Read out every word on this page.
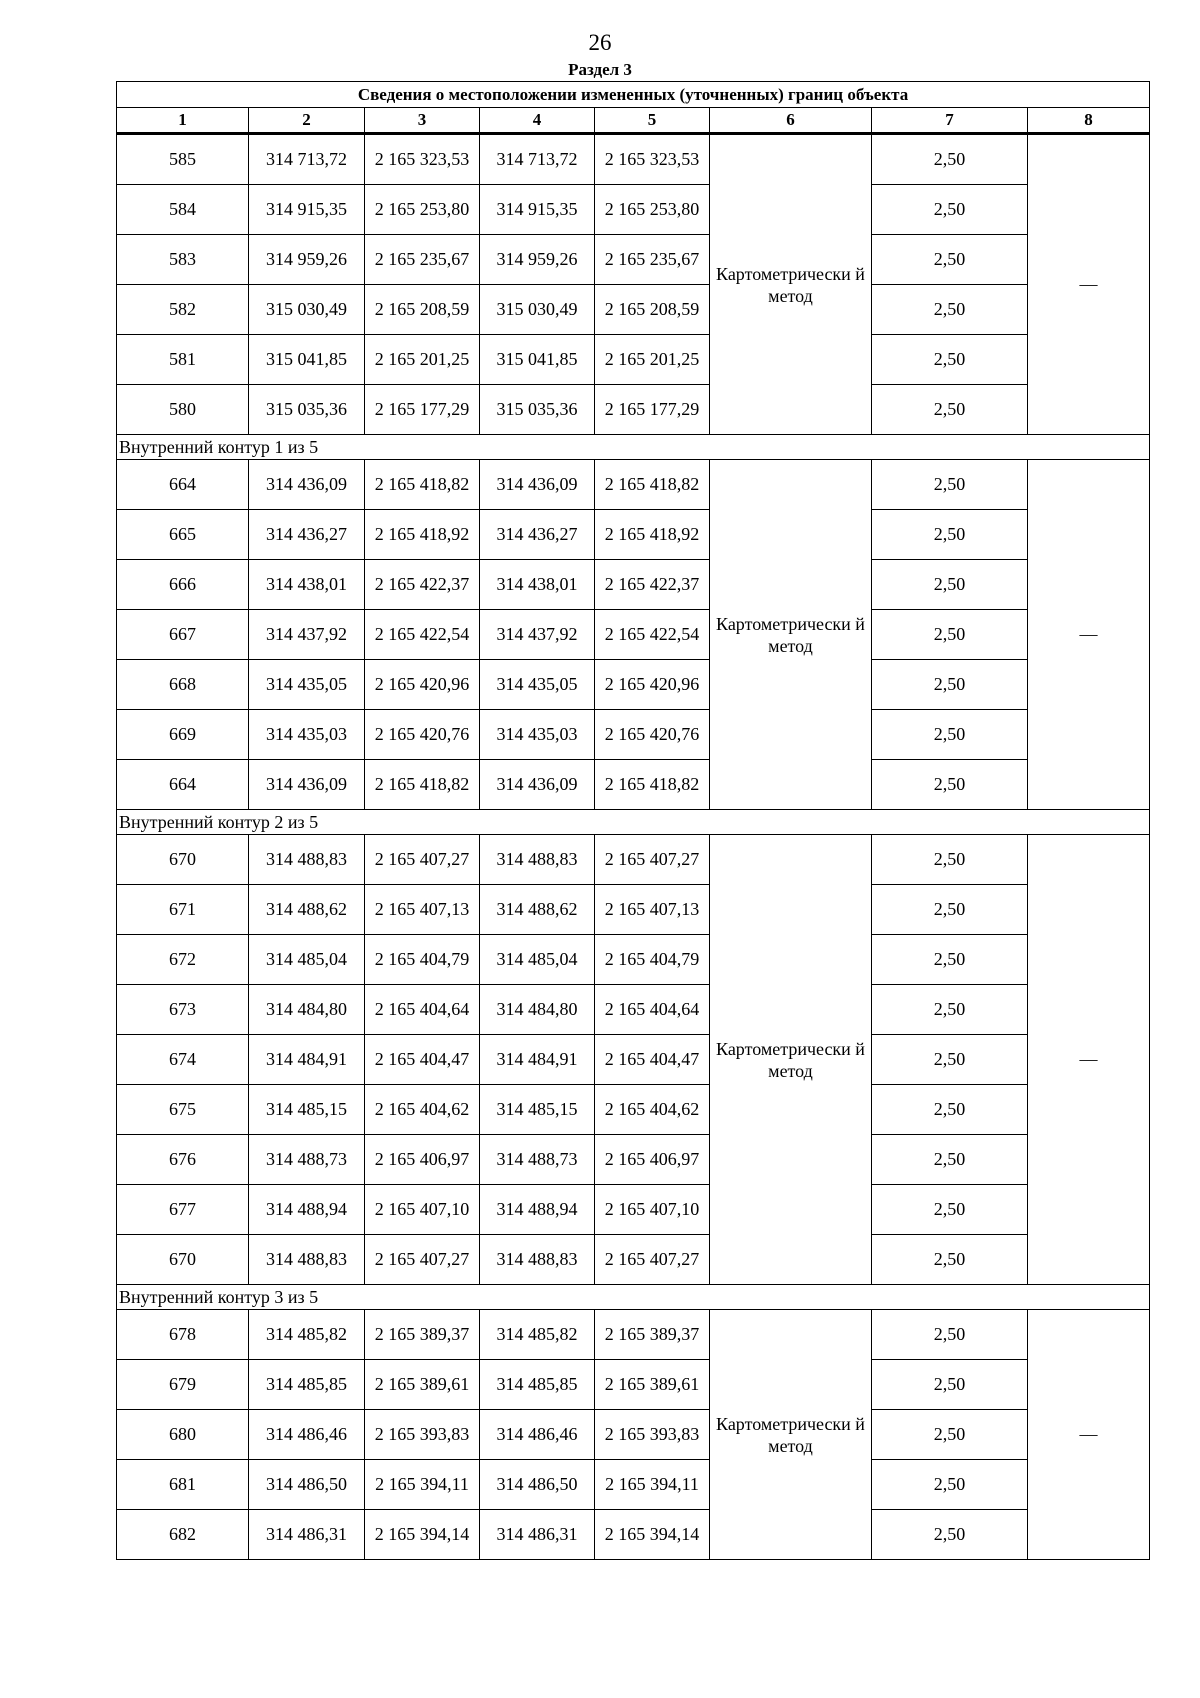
26
Раздел 3
Сведения о местоположении измененных (уточненных) границ объекта							
1	2	3	4	5	6	7	8
585	314 713,72	2 165 323,53	314 713,72	2 165 323,53	Картометрически й метод	2,50	—
584	314 915,35	2 165 253,80	314 915,35	2 165 253,80		2,50	
583	314 959,26	2 165 235,67	314 959,26	2 165 235,67		2,50	
582	315 030,49	2 165 208,59	315 030,49	2 165 208,59		2,50	
581	315 041,85	2 165 201,25	315 041,85	2 165 201,25		2,50	
580	315 035,36	2 165 177,29	315 035,36	2 165 177,29		2,50	
Внутренний контур 1 из 5							
664	314 436,09	2 165 418,82	314 436,09	2 165 418,82	Картометрически й метод	2,50	—
665	314 436,27	2 165 418,92	314 436,27	2 165 418,92		2,50	
666	314 438,01	2 165 422,37	314 438,01	2 165 422,37		2,50	
667	314 437,92	2 165 422,54	314 437,92	2 165 422,54		2,50	
668	314 435,05	2 165 420,96	314 435,05	2 165 420,96		2,50	
669	314 435,03	2 165 420,76	314 435,03	2 165 420,76		2,50	
664	314 436,09	2 165 418,82	314 436,09	2 165 418,82		2,50	
Внутренний контур 2 из 5							
670	314 488,83	2 165 407,27	314 488,83	2 165 407,27	Картометрически й метод	2,50	—
671	314 488,62	2 165 407,13	314 488,62	2 165 407,13		2,50	
672	314 485,04	2 165 404,79	314 485,04	2 165 404,79		2,50	
673	314 484,80	2 165 404,64	314 484,80	2 165 404,64		2,50	
674	314 484,91	2 165 404,47	314 484,91	2 165 404,47		2,50	
675	314 485,15	2 165 404,62	314 485,15	2 165 404,62		2,50	
676	314 488,73	2 165 406,97	314 488,73	2 165 406,97		2,50	
677	314 488,94	2 165 407,10	314 488,94	2 165 407,10		2,50	
670	314 488,83	2 165 407,27	314 488,83	2 165 407,27		2,50	
Внутренний контур 3 из 5							
678	314 485,82	2 165 389,37	314 485,82	2 165 389,37	Картометрически й метод	2,50	—
679	314 485,85	2 165 389,61	314 485,85	2 165 389,61		2,50	
680	314 486,46	2 165 393,83	314 486,46	2 165 393,83		2,50	
681	314 486,50	2 165 394,11	314 486,50	2 165 394,11		2,50	
682	314 486,31	2 165 394,14	314 486,31	2 165 394,14		2,50	
